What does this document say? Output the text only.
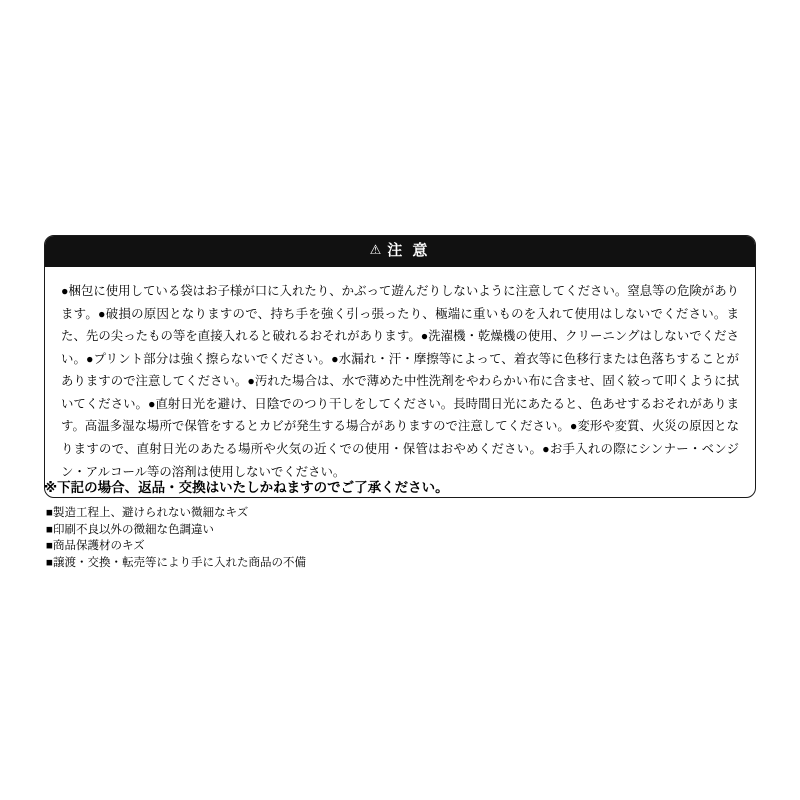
⚠ 注 意
●梱包に使用している袋はお子様が口に入れたり、かぶって遊んだりしないように注意してください。窒息等の危険があります。●破損の原因となりますので、持ち手を強く引っ張ったり、極端に重いものを入れて使用はしないでください。また、先の尖ったもの等を直接入れると破れるおそれがあります。●洗濯機・乾燥機の使用、クリーニングはしないでください。●プリント部分は強く擦らないでください。●水漏れ・汗・摩擦等によって、着衣等に色移行または色落ちすることがありますので注意してください。●汚れた場合は、水で薄めた中性洗剤をやわらかい布に含ませ、固く絞って叩くように拭いてください。●直射日光を避け、日陰でのつり干しをしてください。長時間日光にあたると、色あせするおそれがあります。高温多湿な場所で保管をするとカビが発生する場合がありますので注意してください。●変形や変質、火災の原因となりますので、直射日光のあたる場所や火気の近くでの使用・保管はおやめください。●お手入れの際にシンナー・ベンジン・アルコール等の溶剤は使用しないでください。
※下記の場合、返品・交換はいたしかねますのでご了承ください。
■製造工程上、避けられない微細なキズ
■印刷不良以外の微細な色調違い
■商品保護材のキズ
■譲渡・交換・転売等により手に入れた商品の不備
